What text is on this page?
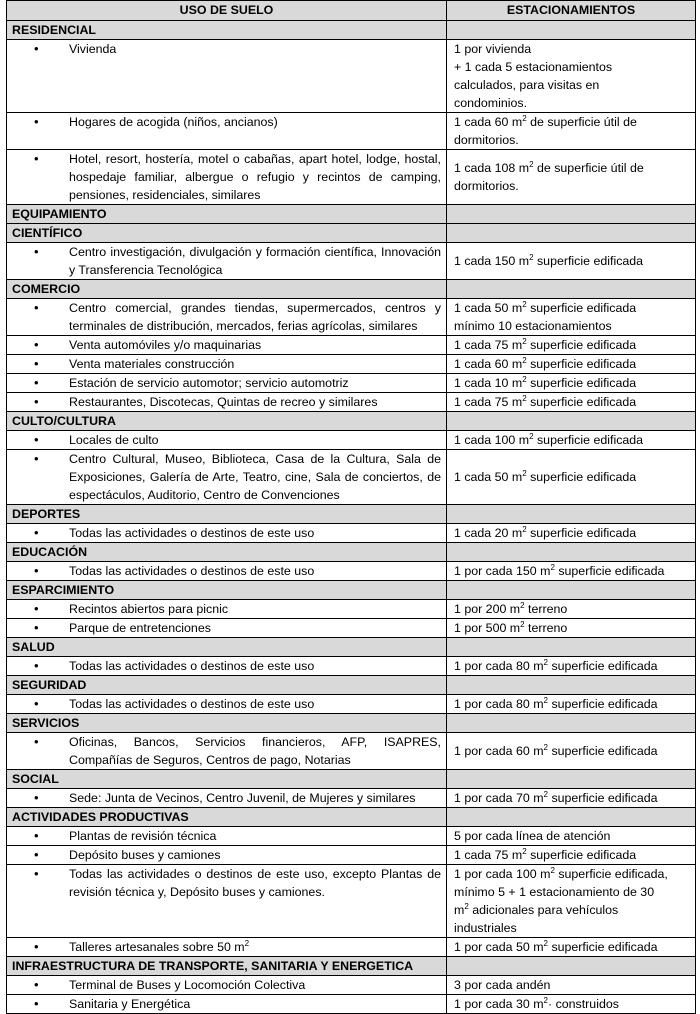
USO DE SUELO	ESTACIONAMIENTOS
RESIDENCIAL	

• Vivienda	1 por vivienda
+ 1 cada 5 estacionamientos
calculados, para visitas en
condominios.

• Hogares de acogida (niños, ancianos)	1 cada 60 $m^2$ de superficie útil de
dormitorios.

• Hotel, resort, hostería, motel o cabañas, apart hotel, lodge, hostal, hospedaje familiar, albergue o refugio y recintos de camping, pensiones, residenciales, similares	1 cada 108 $m^2$ de superficie útil de
dormitorios.

EQUIPAMIENTO	
CIENTÍFICO	

• Centro investigación, divulgación y formación científica, Innovación y Transferencia Tecnológica	1 cada 150 $m^2$ superficie edificada

COMERCIO	

• Centro comercial, grandes tiendas, supermercados, centros y terminales de distribución, mercados, ferias agrícolas, similares	1 cada 50 $m^2$ superficie edificada
mínimo 10 estacionamientos

• Venta automóviles y/o maquinarias	1 cada 75 $m^2$ superficie edificada

• Venta materiales construcción	1 cada 60 $m^2$ superficie edificada

• Estación de servicio automotor; servicio automotriz	1 cada 10 $m^2$ superficie edificada

• Restaurantes, Discotecas, Quintas de recreo y similares	1 cada 75 $m^2$ superficie edificada

CULTO/CULTURA	

• Locales de culto	1 cada 100 $m^2$ superficie edificada

• Centro Cultural, Museo, Biblioteca, Casa de la Cultura, Sala de Exposiciones, Galería de Arte, Teatro, cine, Sala de conciertos, de espectáculos, Auditorio, Centro de Convenciones	1 cada 50 $m^2$ superficie edificada

DEPORTES	

• Todas las actividades o destinos de este uso	1 cada 20 $m^2$ superficie edificada

EDUCACIÓN	

• Todas las actividades o destinos de este uso	1 por cada 150 $m^2$ superficie edificada

ESPARCIMIENTO	

• Recintos abiertos para picnic	1 por 200 $m^2$ terreno

• Parque de entretenciones	1 por 500 $m^2$ terreno

SALUD	

• Todas las actividades o destinos de este uso	1 por cada 80 $m^2$ superficie edificada

SEGURIDAD	

• Todas las actividades o destinos de este uso	1 por cada 80 $m^2$ superficie edificada

SERVICIOS	

• Oficinas, Bancos, Servicios financieros, AFP, ISAPRES, Compañías de Seguros, Centros de pago, Notarias	1 por cada 60 $m^2$ superficie edificada

SOCIAL	

• Sede: Junta de Vecinos, Centro Juvenil, de Mujeres y similares	1 por cada 70 $m^2$ superficie edificada

ACTIVIDADES PRODUCTIVAS	

• Plantas de revisión técnica	5 por cada línea de atención

• Depósito buses y camiones	1 cada 75 $m^2$ superficie edificada

• Todas las actividades o destinos de este uso, excepto Plantas de revisión técnica y, Depósito buses y camiones.	1 por cada 100 $m^2$ superficie edificada,
mínimo 5 + 1 estacionamiento de 30
$m^2$ adicionales para vehículos
industriales

• Talleres artesanales sobre 50 $m^2$	1 por cada 50 $m^2$ superficie edificada

INFRAESTRUCTURA DE TRANSPORTE, SANITARIA Y ENERGETICA	

• Terminal de Buses y Locomoción Colectiva	3 por cada andén

• Sanitaria y Energética	1 por cada 30 $m^2\cdot$ construidos
